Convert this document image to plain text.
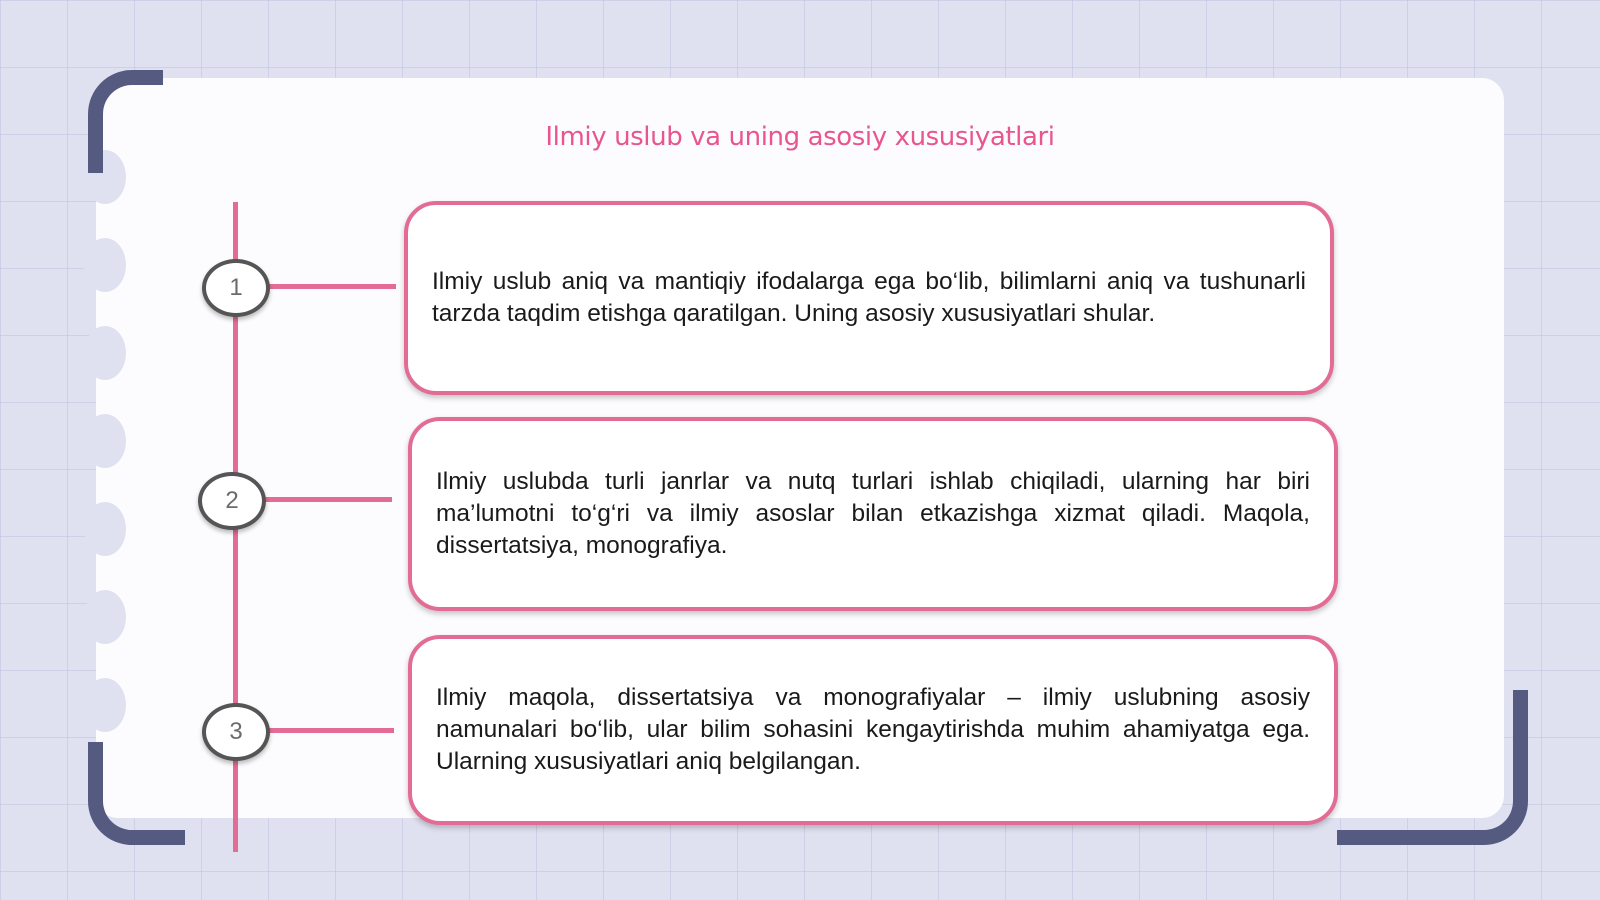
Ilmiy uslub va uning asosiy xususiyatlari
1	Ilmiy uslub aniq va mantiqiy ifodalarga ega bo‘lib, bilimlarni aniq va tushunarli tarzda taqdim etishga qaratilgan. Uning asosiy xususiyatlari shular.

2

Ilmiy uslubda turli janrlar va nutq turlari ishlab chiqiladi, ularning har biri ma’lumotni to‘g‘ri va ilmiy asoslar bilan etkazishga xizmat qiladi. Maqola, dissertatsiya, monografiya.

3

Ilmiy maqola, dissertatsiya va monografiyalar – ilmiy uslubning asosiy namunalari bo‘lib, ular bilim sohasini kengaytirishda muhim ahamiyatga ega. Ularning xususiyatlari aniq belgilangan.
